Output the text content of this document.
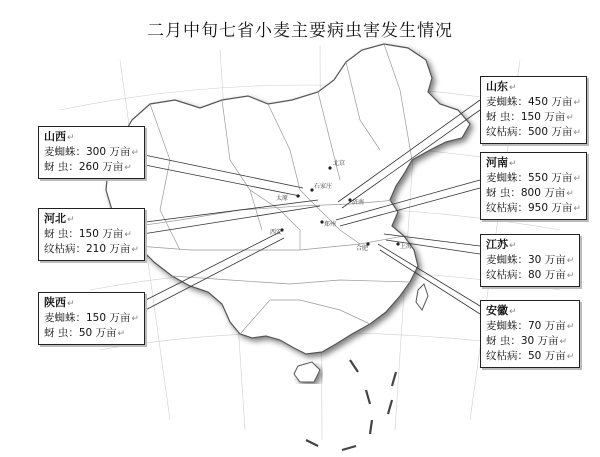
北京
石家庄
太原
济南
郑州
西安
合肥	上海
二月中旬七省小麦主要病虫害发生情况
山西↵
麦蜘蛛：300 万亩↵
蚜 虫：260 万亩↵
河北↵
蚜 虫：150 万亩↵
纹枯病：210 万亩↵
陕西↵
麦蜘蛛：150 万亩↵
蚜 虫：50 万亩↵
山东↵
麦蜘蛛：450 万亩↵
蚜 虫：150 万亩↵
纹枯病：500 万亩↵
河南↵
麦蜘蛛：550 万亩↵
蚜 虫：800 万亩↵
纹枯病：950 万亩↵
江苏↵
麦蜘蛛：30 万亩↵
纹枯病：80 万亩↵
安徽↵
麦蜘蛛：70 万亩↵
蚜 虫：30 万亩↵
纹枯病：50 万亩↵
